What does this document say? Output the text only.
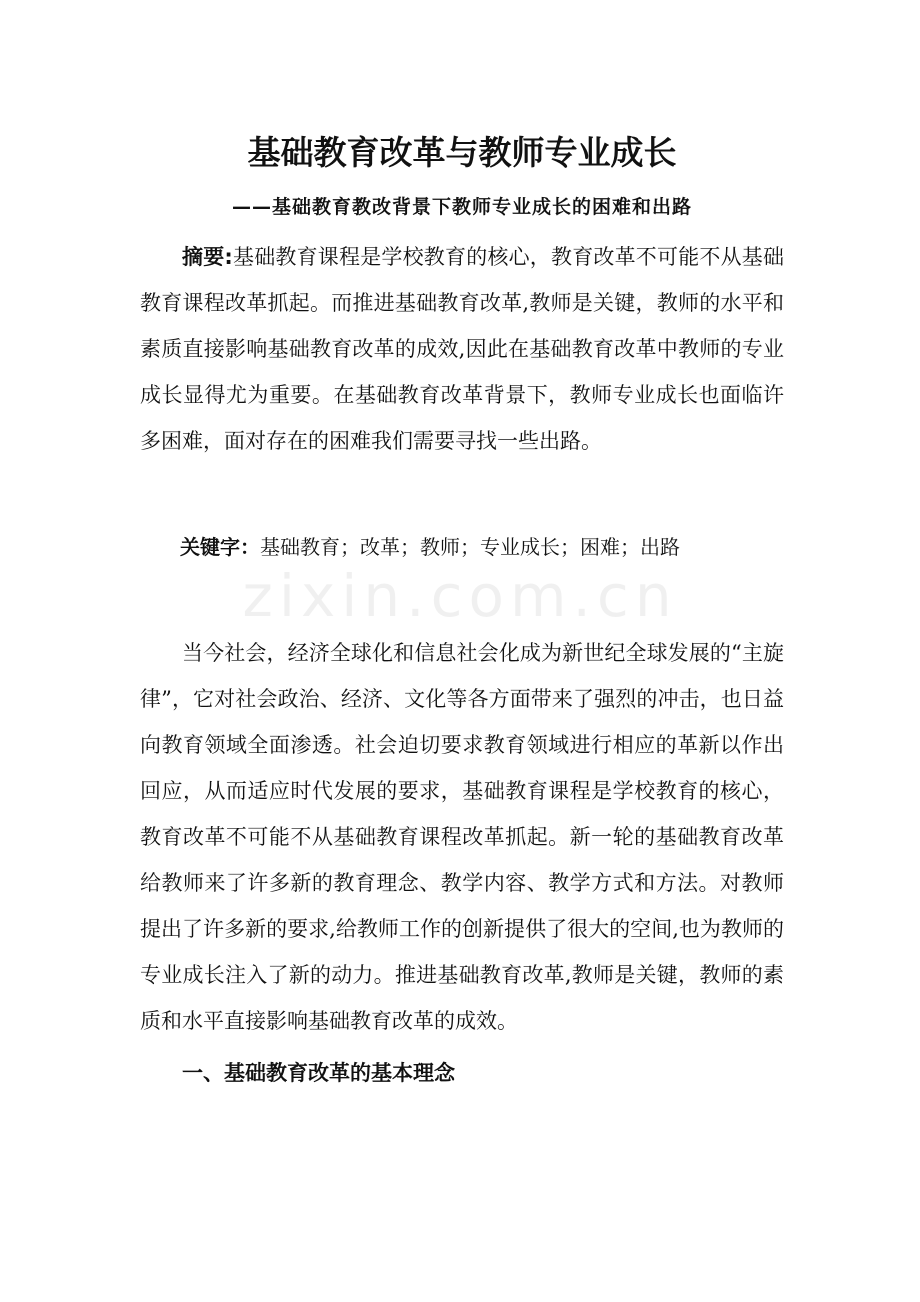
zixin.com.cn
基础教育改革与教师专业成长

——基础教育教改背景下教师专业成长的困难和出路

摘要:基础教育课程是学校教育的核心，教育改革不可能不从基础教育课程改革抓起。而推进基础教育改革,教师是关键，教师的水平和素质直接影响基础教育改革的成效,因此在基础教育改革中教师的专业成长显得尤为重要。在基础教育改革背景下，教师专业成长也面临许多困难，面对存在的困难我们需要寻找一些出路。

关键字：基础教育；改革；教师；专业成长；困难；出路

当今社会，经济全球化和信息社会化成为新世纪全球发展的“主旋律”，它对社会政治、经济、文化等各方面带来了强烈的冲击，也日益向教育领域全面渗透。社会迫切要求教育领域进行相应的革新以作出回应，从而适应时代发展的要求，基础教育课程是学校教育的核心，教育改革不可能不从基础教育课程改革抓起。新一轮的基础教育改革给教师来了许多新的教育理念、教学内容、教学方式和方法。对教师提出了许多新的要求,给教师工作的创新提供了很大的空间,也为教师的专业成长注入了新的动力。推进基础教育改革,教师是关键，教师的素质和水平直接影响基础教育改革的成效。

一、基础教育改革的基本理念
